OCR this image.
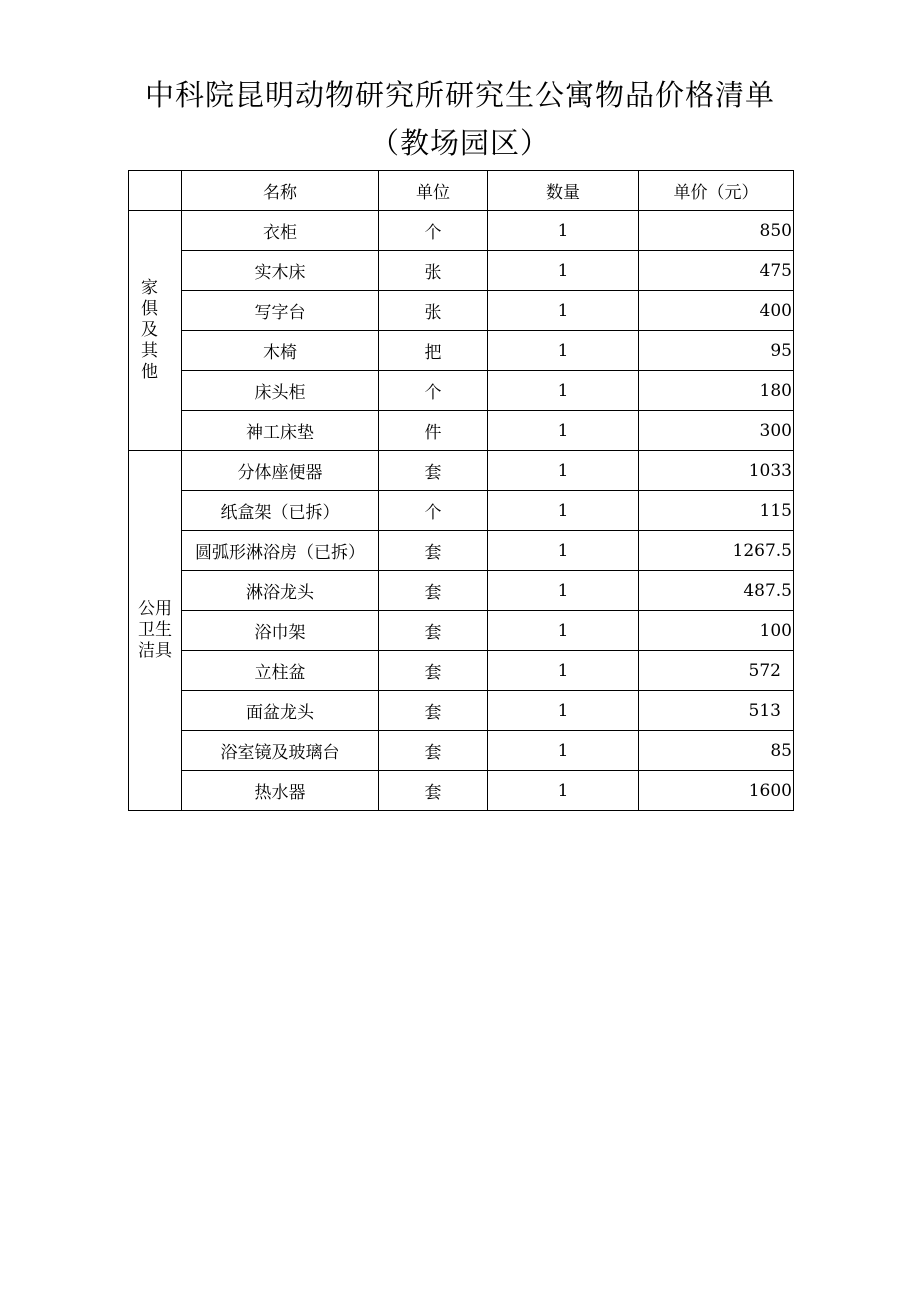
中科院昆明动物研究所研究生公寓物品价格清单
（教场园区）
	名称	单位	数量	单价（元）
家俱及其他	衣柜	个	1	850
	实木床	张	1	475
	写字台	张	1	400
	木椅	把	1	95
	床头柜	个	1	180
	神工床垫	件	1	300
公用卫生洁具	分体座便器	套	1	1033
	纸盒架（已拆）	个	1	115
	圆弧形淋浴房（已拆）	套	1	1267.5
	淋浴龙头	套	1	487.5
	浴巾架	套	1	100
	立柱盆	套	1	572
	面盆龙头	套	1	513
	浴室镜及玻璃台	套	1	85
	热水器	套	1	1600
